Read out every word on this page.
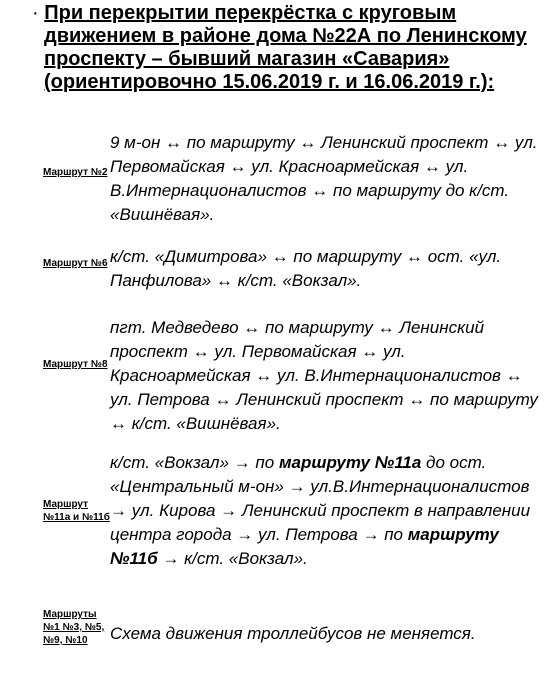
· При перекрытии перекрёстка с круговым движением в районе дома №22А по Ленинскому проспекту – бывший магазин «Савария» (ориентировочно 15.06.2019 г. и 16.06.2019 г.):
Маршрут №2
9 м-он ↔ по маршруту ↔ Ленинский проспект ↔ ул. Первомайская ↔ ул. Красноармейская ↔ ул. В.Интернационалистов ↔ по маршруту до к/ст. «Вишнёвая».
Маршрут №6 к/ст. «Димитрова» ↔ по маршруту ↔ ост. «ул. Панфилова» ↔ к/ст. «Вокзал».
Маршрут №8
пгт. Медведево ↔ по маршруту ↔ Ленинский проспект ↔ ул. Первомайская ↔ ул. Красноармейская ↔ ул. В.Интернационалистов ↔ ул. Петрова ↔ Ленинский проспект ↔ по маршруту ↔ к/ст. «Вишнёвая».
Маршрут №11а и №11б
к/ст. «Вокзал» → по маршруту №11а до ост. «Центральный м-он» → ул.В.Интернационалистов → ул. Кирова → Ленинский проспект в направлении центра города → ул. Петрова → по маршруту №11б → к/ст. «Вокзал».
Маршруты №1 №3, №5, №9, №10	Схема движения троллейбусов не меняется.
